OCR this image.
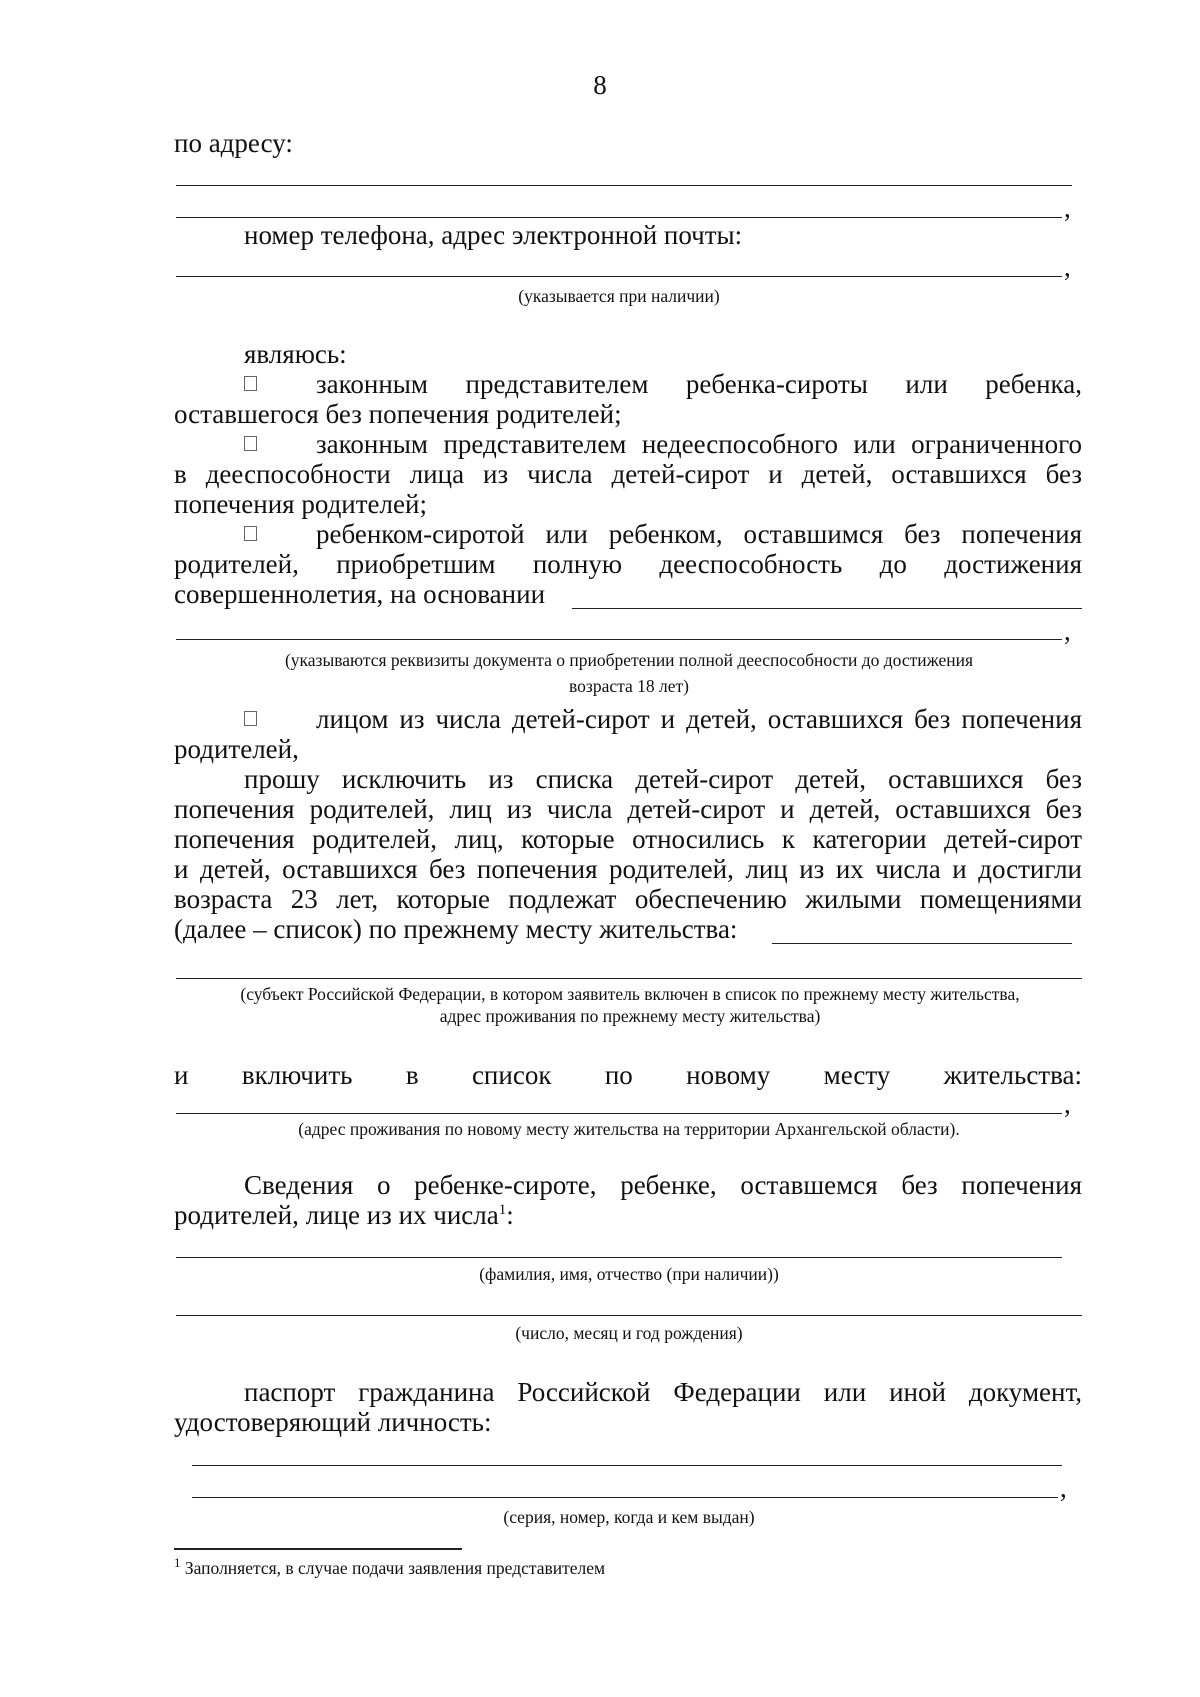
8
по адресу:
,
номер телефона, адрес электронной почты:
,
(указывается при наличии)
являюсь:
законным представителем ребенка-сироты или ребенка,
оставшегося без попечения родителей;
законным представителем недееспособного или ограниченного
в дееспособности лица из числа детей-сирот и детей, оставшихся без
попечения родителей;
ребенком-сиротой или ребенком, оставшимся без попечения
родителей, приобретшим полную дееспособность до достижения
совершеннолетия, на основании
,
(указываются реквизиты документа о приобретении полной дееспособности до достижения
возраста 18 лет)
лицом из числа детей-сирот и детей, оставшихся без попечения
родителей,
прошу исключить из списка детей-сирот детей, оставшихся без
попечения родителей, лиц из числа детей-сирот и детей, оставшихся без
попечения родителей, лиц, которые относились к категории детей-сирот
и детей, оставшихся без попечения родителей, лиц из их числа и достигли
возраста 23 лет, которые подлежат обеспечению жилыми помещениями
(далее – список) по прежнему месту жительства:
(субъект Российской Федерации, в котором заявитель включен в список по прежнему месту жительства,
адрес проживания по прежнему месту жительства)
и включить в список по новому месту жительства:
,
(адрес проживания по новому месту жительства на территории Архангельской области).
Сведения о ребенке-сироте, ребенке, оставшемся без попечения
родителей, лице из их числа$^1$:
(фамилия, имя, отчество (при наличии))
(число, месяц и год рождения)
паспорт гражданина Российской Федерации или иной документ,
удостоверяющий личность:
,
(серия, номер, когда и кем выдан)
$^1$ Заполняется, в случае подачи заявления представителем
